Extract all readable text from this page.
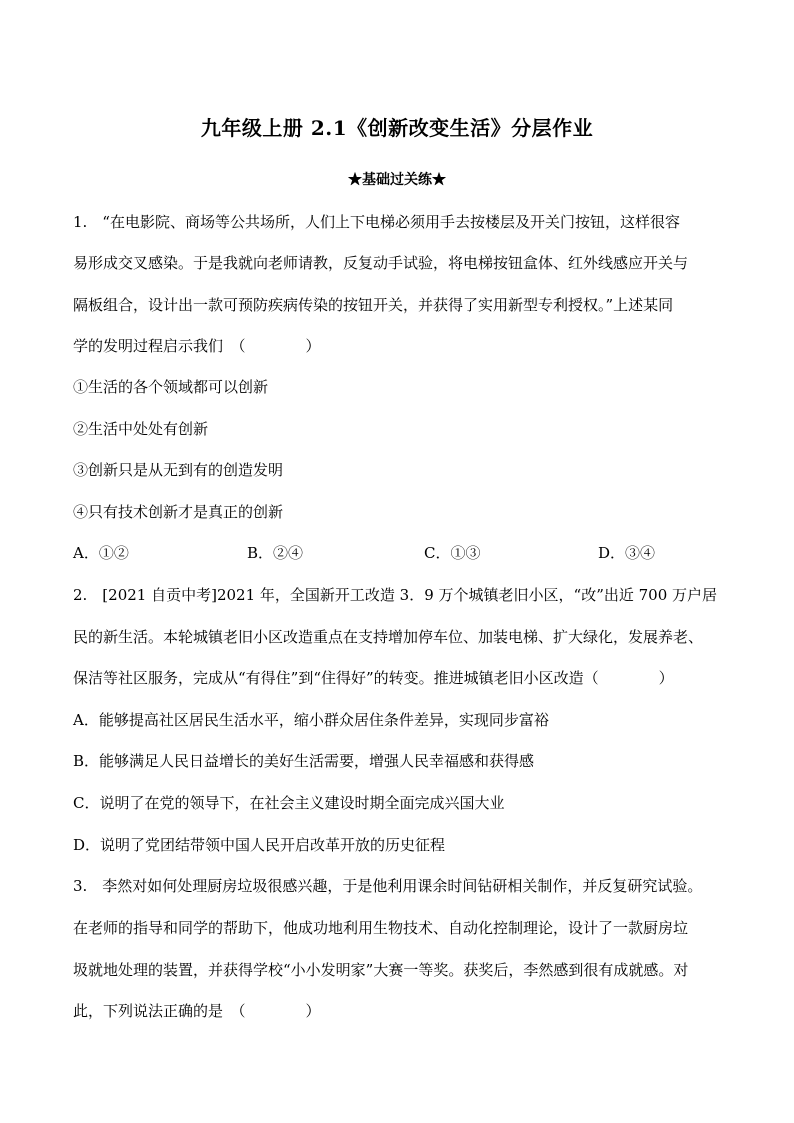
九年级上册 2.1《创新改变生活》分层作业
★基础过关练★
1.　“在电影院、商场等公共场所，人们上下电梯必须用手去按楼层及开关门按钮，这样很容
易形成交叉感染。于是我就向老师请教，反复动手试验，将电梯按钮盒体、红外线感应开关与
隔板组合，设计出一款可预防疾病传染的按钮开关，并获得了实用新型专利授权。”上述某同
学的发明过程启示我们　（　　　　）
①生活的各个领域都可以创新
②生活中处处有创新
③创新只是从无到有的创造发明
④只有技术创新才是真正的创新
A．①②	B．②④	C．①③	D．③④
2.　[2021 自贡中考]2021 年，全国新开工改造 3．9 万个城镇老旧小区，“改”出近 700 万户居
民的新生活。本轮城镇老旧小区改造重点在支持增加停车位、加装电梯、扩大绿化，发展养老、
保洁等社区服务，完成从“有得住”到“住得好”的转变。推进城镇老旧小区改造（　　　　）
A．能够提高社区居民生活水平，缩小群众居住条件差异，实现同步富裕
B．能够满足人民日益增长的美好生活需要，增强人民幸福感和获得感
C．说明了在党的领导下，在社会主义建设时期全面完成兴国大业
D．说明了党团结带领中国人民开启改革开放的历史征程
3.　李然对如何处理厨房垃圾很感兴趣，于是他利用课余时间钻研相关制作，并反复研究试验。
在老师的指导和同学的帮助下，他成功地利用生物技术、自动化控制理论，设计了一款厨房垃
圾就地处理的装置，并获得学校“小小发明家”大赛一等奖。获奖后，李然感到很有成就感。对
此，下列说法正确的是　（　　　　）
